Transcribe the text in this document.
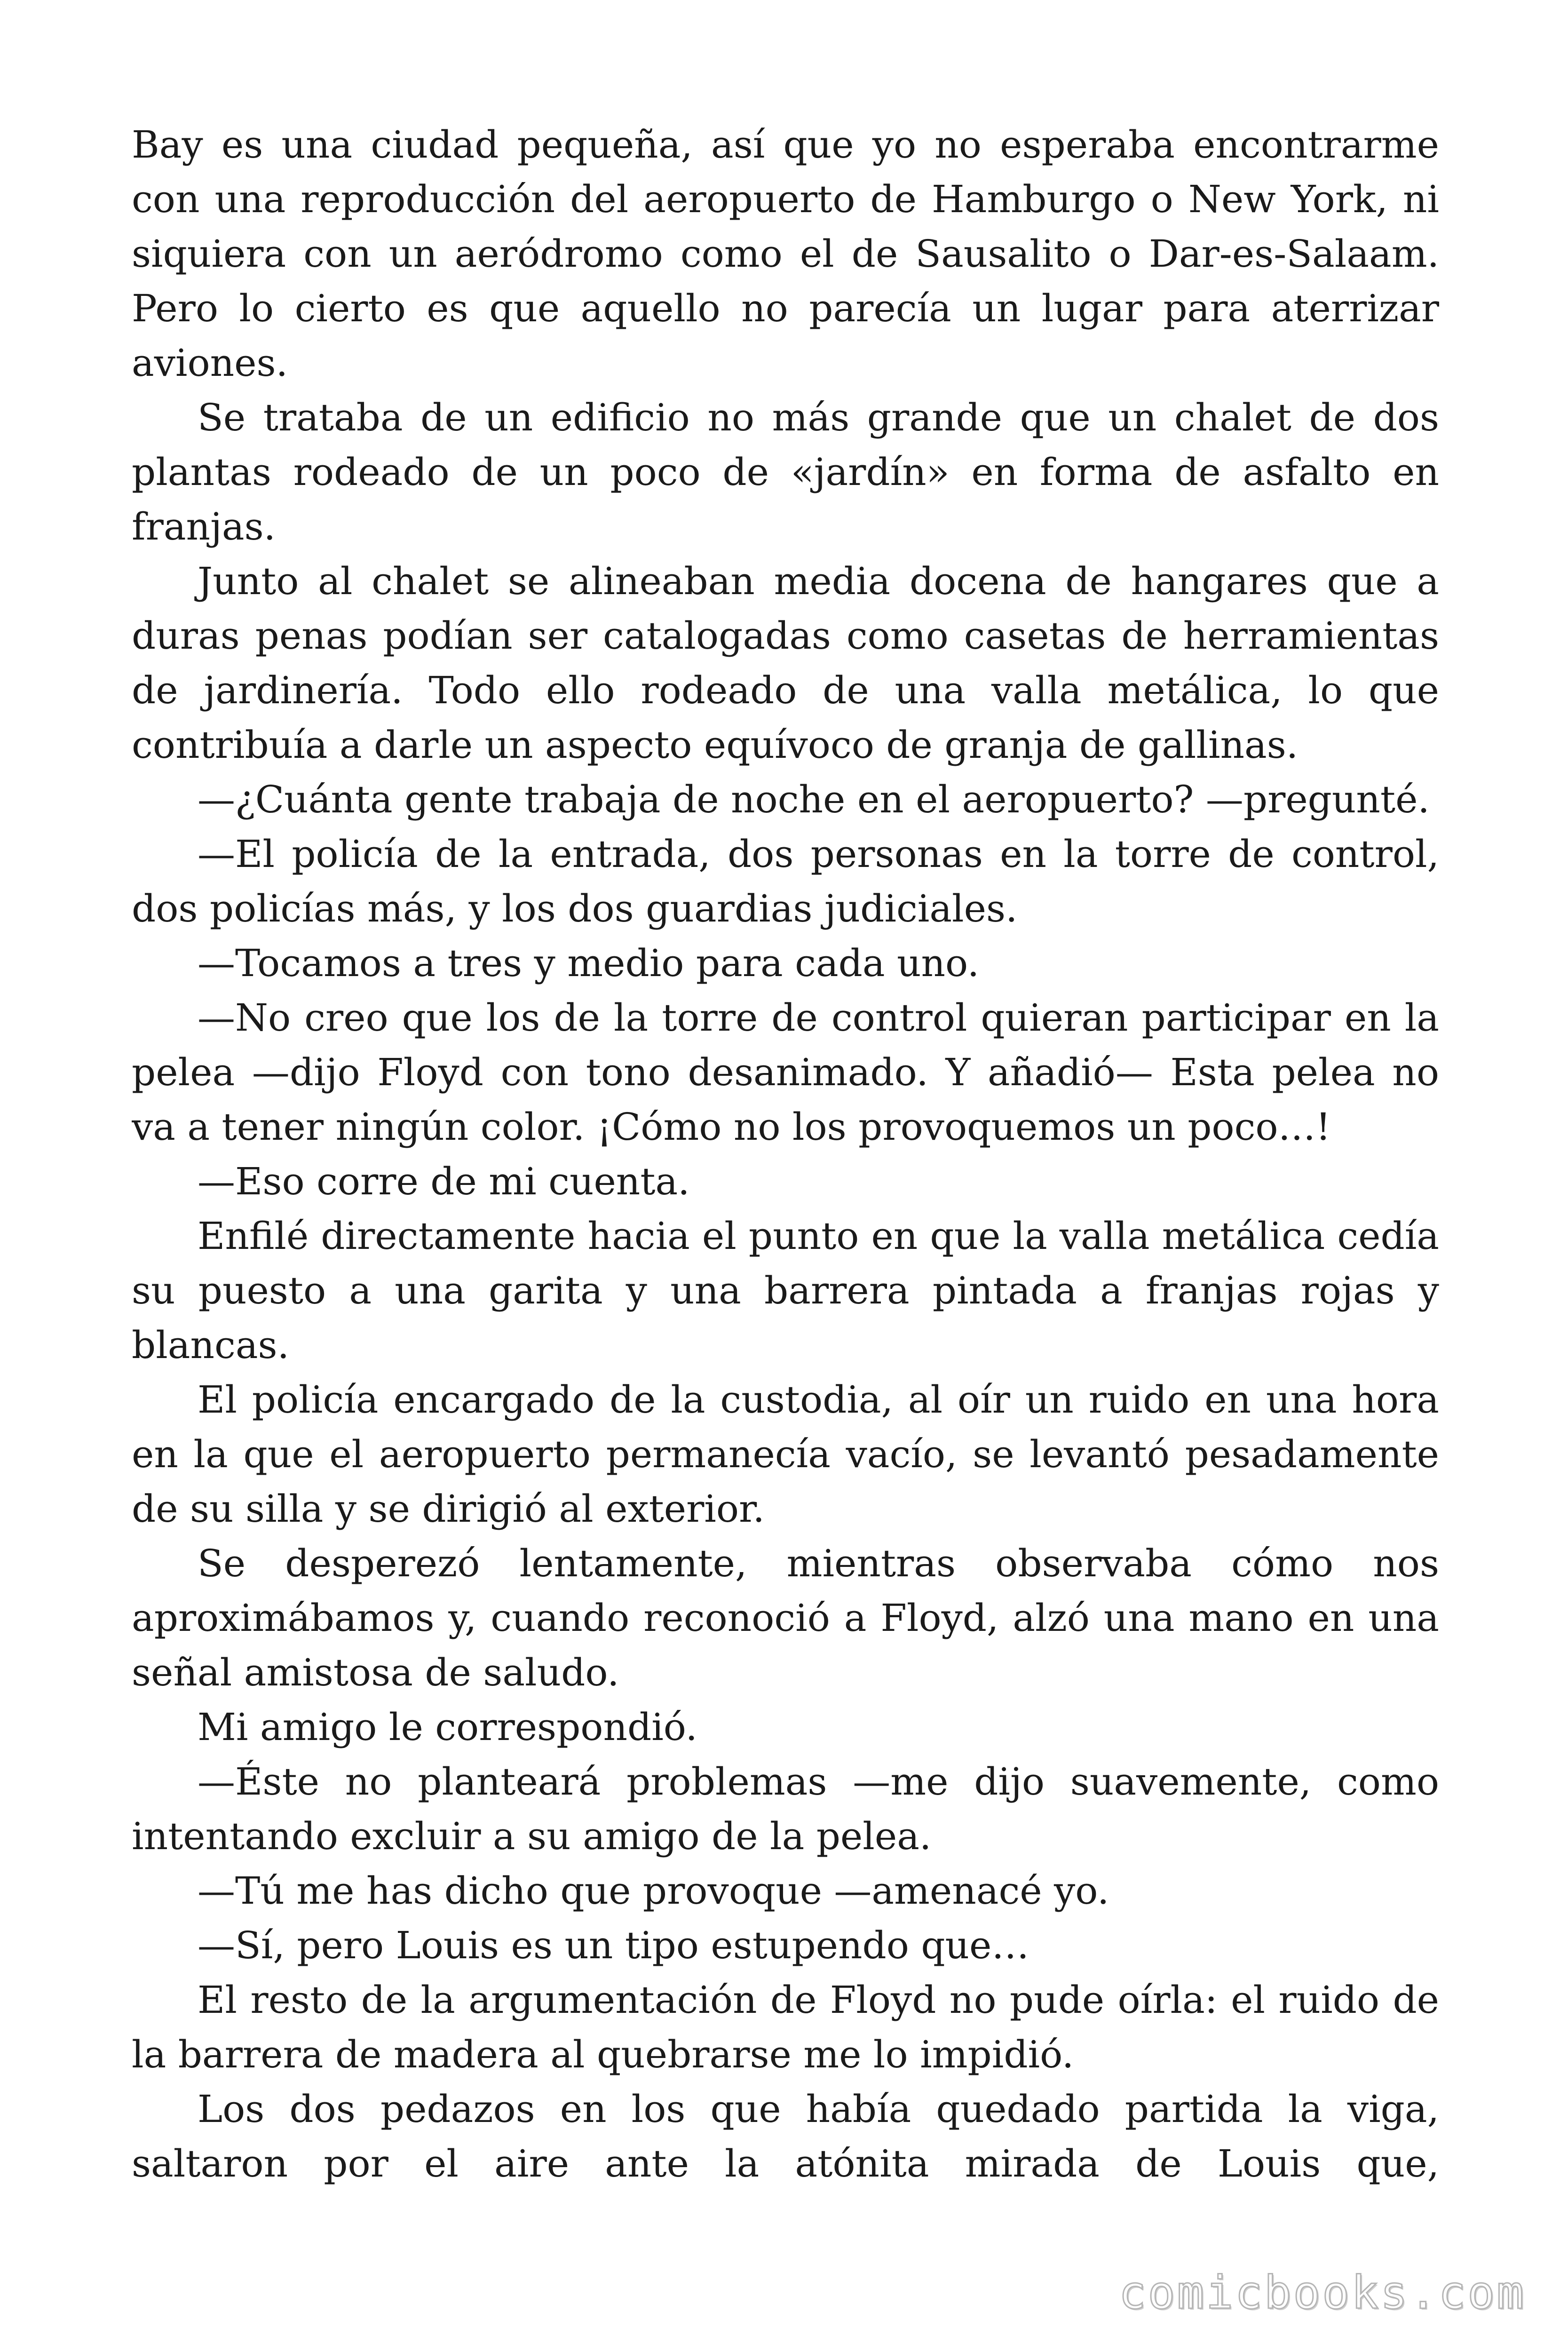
Bay es una ciudad pequeña, así que yo no esperaba encontrarme
con una reproducción del aeropuerto de Hamburgo o New York, ni
siquiera con un aeródromo como el de Sausalito o Dar-es-Salaam.
Pero lo cierto es que aquello no parecía un lugar para aterrizar
aviones.
Se trataba de un edificio no más grande que un chalet de dos
plantas rodeado de un poco de «jardín» en forma de asfalto en
franjas.
Junto al chalet se alineaban media docena de hangares que a
duras penas podían ser catalogadas como casetas de herramientas
de jardinería. Todo ello rodeado de una valla metálica, lo que
contribuía a darle un aspecto equívoco de granja de gallinas.
—¿Cuánta gente trabaja de noche en el aeropuerto? —pregunté.
—El policía de la entrada, dos personas en la torre de control,
dos policías más, y los dos guardias judiciales.
—Tocamos a tres y medio para cada uno.
—No creo que los de la torre de control quieran participar en la
pelea —dijo Floyd con tono desanimado. Y añadió— Esta pelea no
va a tener ningún color. ¡Cómo no los provoquemos un poco…!
—Eso corre de mi cuenta.
Enfilé directamente hacia el punto en que la valla metálica cedía
su puesto a una garita y una barrera pintada a franjas rojas y
blancas.
El policía encargado de la custodia, al oír un ruido en una hora
en la que el aeropuerto permanecía vacío, se levantó pesadamente
de su silla y se dirigió al exterior.
Se desperezó lentamente, mientras observaba cómo nos
aproximábamos y, cuando reconoció a Floyd, alzó una mano en una
señal amistosa de saludo.
Mi amigo le correspondió.
—Éste no planteará problemas —me dijo suavemente, como
intentando excluir a su amigo de la pelea.
—Tú me has dicho que provoque —amenacé yo.
—Sí, pero Louis es un tipo estupendo que…
El resto de la argumentación de Floyd no pude oírla: el ruido de
la barrera de madera al quebrarse me lo impidió.
Los dos pedazos en los que había quedado partida la viga,
saltaron por el aire ante la atónita mirada de Louis que,
comicbooks.com
